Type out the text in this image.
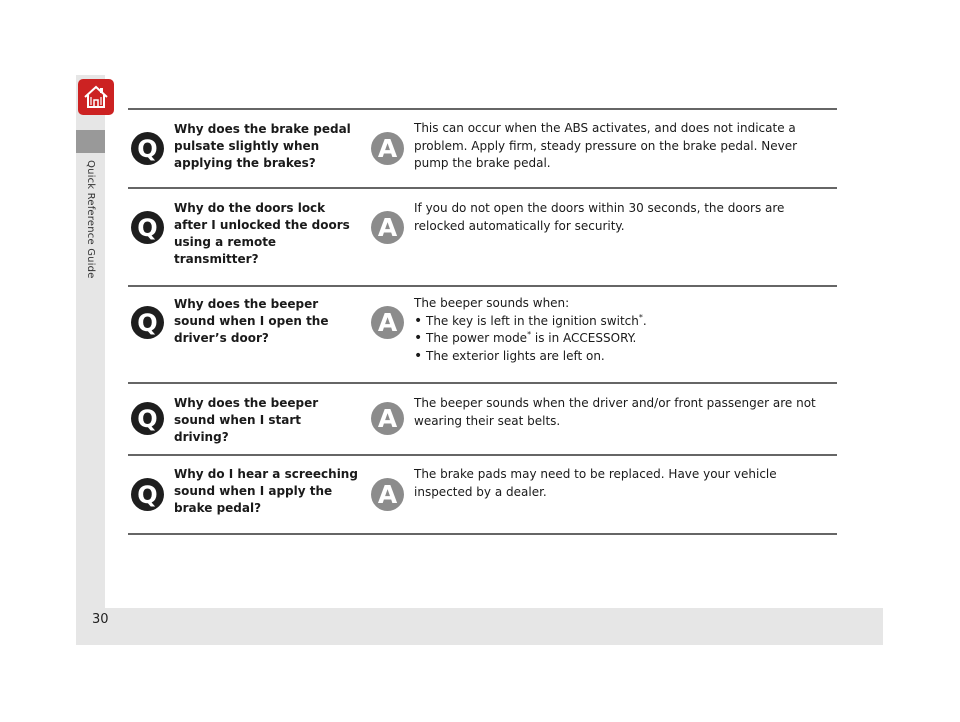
Quick Reference Guide
30
Q
Why does the brake pedal pulsate slightly when applying the brakes?	A
This can occur when the ABS activates, and does not indicate a problem. Apply firm, steady pressure on the brake pedal. Never pump the brake pedal.
Q
Why do the doors lock after I unlocked the doors using a remote transmitter?
A
If you do not open the doors within 30 seconds, the doors are relocked automatically for security.
Q
Why does the beeper sound when I open the driver’s door?
A
The beeper sounds when:
• The key is left in the ignition switch*.
• The power mode* is in ACCESSORY.
• The exterior lights are left on.
Q
Why does the beeper sound when I start driving?
A
The beeper sounds when the driver and/or front passenger are not wearing their seat belts.
Q
Why do I hear a screeching sound when I apply the brake pedal?	A
The brake pads may need to be replaced. Have your vehicle inspected by a dealer.
